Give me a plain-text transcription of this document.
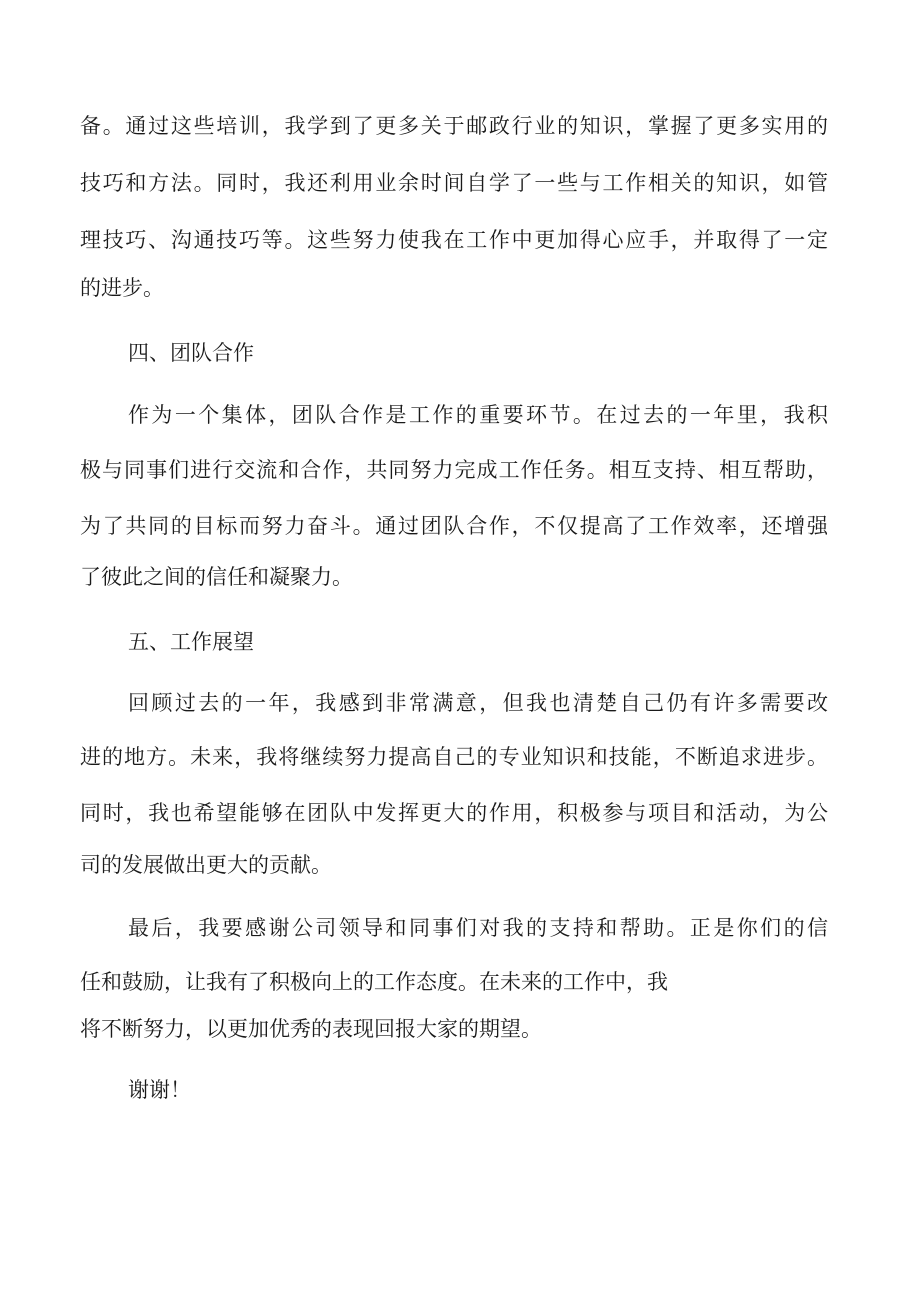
备。通过这些培训，我学到了更多关于邮政行业的知识，掌握了更多实用的

技巧和方法。同时，我还利用业余时间自学了一些与工作相关的知识，如管

理技巧、沟通技巧等。这些努力使我在工作中更加得心应手，并取得了一定

的进步。

四、团队合作

作为一个集体，团队合作是工作的重要环节。在过去的一年里，我积

极与同事们进行交流和合作，共同努力完成工作任务。相互支持、相互帮助，

为了共同的目标而努力奋斗。通过团队合作，不仅提高了工作效率，还增强

了彼此之间的信任和凝聚力。

五、工作展望

回顾过去的一年，我感到非常满意，但我也清楚自己仍有许多需要改

进的地方。未来，我将继续努力提高自己的专业知识和技能，不断追求进步。

同时，我也希望能够在团队中发挥更大的作用，积极参与项目和活动，为公

司的发展做出更大的贡献。

最后，我要感谢公司领导和同事们对我的支持和帮助。正是你们的信

任和鼓励，让我有了积极向上的工作态度。在未来的工作中，我

将不断努力，以更加优秀的表现回报大家的期望。

谢谢！
